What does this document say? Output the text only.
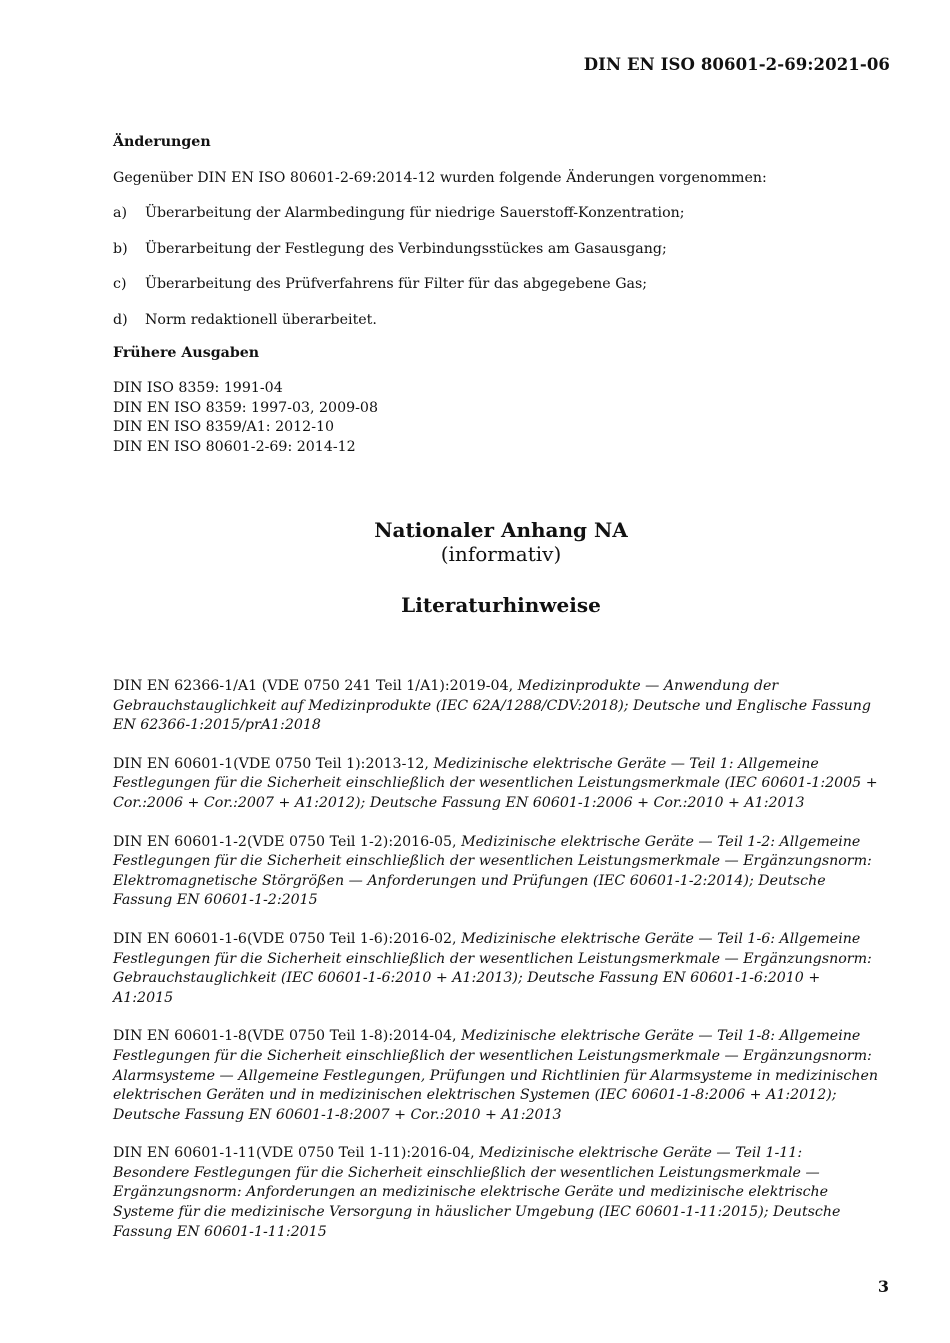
DIN EN ISO 80601-2-69:2021-06
Änderungen
Gegenüber DIN EN ISO 80601-2-69:2014-12 wurden folgende Änderungen vorgenommen:
a)	Überarbeitung der Alarmbedingung für niedrige Sauerstoff-Konzentration;
b)	Überarbeitung der Festlegung des Verbindungsstückes am Gasausgang;
c)	Überarbeitung des Prüfverfahrens für Filter für das abgegebene Gas;
d)	Norm redaktionell überarbeitet.
Frühere Ausgaben
DIN ISO 8359: 1991-04
DIN EN ISO 8359: 1997-03, 2009-08
DIN EN ISO 8359/A1: 2012-10
DIN EN ISO 80601-2-69: 2014-12
Nationaler Anhang NA
(informativ)
Literaturhinweise
DIN EN 62366-1/A1 (VDE 0750 241 Teil 1/A1):2019-04, Medizinprodukte — Anwendung der Gebrauchstauglichkeit auf Medizinprodukte (IEC 62A/1288/CDV:2018); Deutsche und Englische Fassung EN 62366-1:2015/prA1:2018
DIN EN 60601-1(VDE 0750 Teil 1):2013-12, Medizinische elektrische Geräte — Teil 1: Allgemeine Festlegungen für die Sicherheit einschließlich der wesentlichen Leistungsmerkmale (IEC 60601-1:2005 + Cor.:2006 + Cor.:2007 + A1:2012); Deutsche Fassung EN 60601-1:2006 + Cor.:2010 + A1:2013
DIN EN 60601-1-2(VDE 0750 Teil 1-2):2016-05, Medizinische elektrische Geräte — Teil 1-2: Allgemeine Festlegungen für die Sicherheit einschließlich der wesentlichen Leistungsmerkmale — Ergänzungsnorm: Elektromagnetische Störgrößen — Anforderungen und Prüfungen (IEC 60601-1-2:2014); Deutsche Fassung EN 60601-1-2:2015
DIN EN 60601-1-6(VDE 0750 Teil 1-6):2016-02, Medizinische elektrische Geräte — Teil 1-6: Allgemeine Festlegungen für die Sicherheit einschließlich der wesentlichen Leistungsmerkmale — Ergänzungsnorm: Gebrauchstauglichkeit (IEC 60601-1-6:2010 + A1:2013); Deutsche Fassung EN 60601-1-6:2010 + A1:2015
DIN EN 60601-1-8(VDE 0750 Teil 1-8):2014-04, Medizinische elektrische Geräte — Teil 1-8: Allgemeine Festlegungen für die Sicherheit einschließlich der wesentlichen Leistungsmerkmale — Ergänzungsnorm: Alarmsysteme — Allgemeine Festlegungen, Prüfungen und Richtlinien für Alarmsysteme in medizinischen elektrischen Geräten und in medizinischen elektrischen Systemen (IEC 60601-1-8:2006 + A1:2012); Deutsche Fassung EN 60601-1-8:2007 + Cor.:2010 + A1:2013
DIN EN 60601-1-11(VDE 0750 Teil 1-11):2016-04, Medizinische elektrische Geräte — Teil 1-11: Besondere Festlegungen für die Sicherheit einschließlich der wesentlichen Leistungsmerkmale — Ergänzungsnorm: Anforderungen an medizinische elektrische Geräte und medizinische elektrische Systeme für die medizinische Versorgung in häuslicher Umgebung (IEC 60601-1-11:2015); Deutsche Fassung EN 60601-1-11:2015
3
